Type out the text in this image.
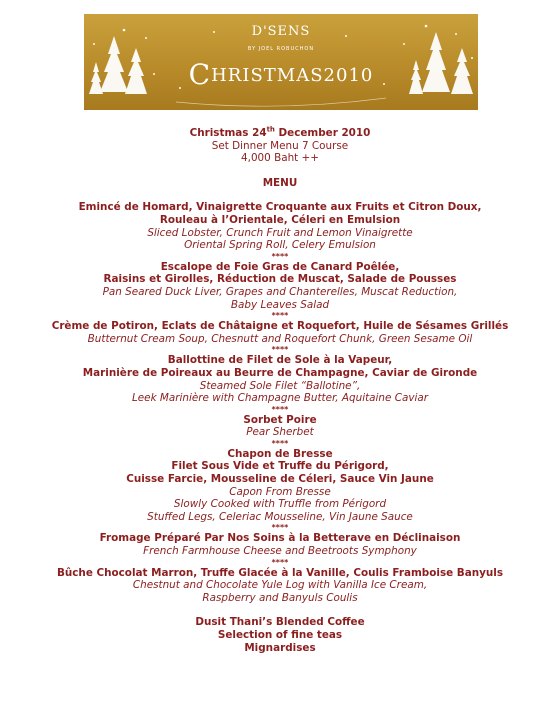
D'SENS
BY JOEL ROBUCHON
CHRISTMAS2010
Christmas 24th December 2010
Set Dinner Menu 7 Course
4,000 Baht ++
MENU
Emincé de Homard, Vinaigrette Croquante aux Fruits et Citron Doux,
Rouleau à l’Orientale, Céleri en Emulsion
Sliced Lobster, Crunch Fruit and Lemon Vinaigrette
Oriental Spring Roll, Celery Emulsion
****
Escalope de Foie Gras de Canard Poêlée,
Raisins et Girolles, Réduction de Muscat, Salade de Pousses
Pan Seared Duck Liver, Grapes and Chanterelles, Muscat Reduction,
Baby Leaves Salad
****
Crème de Potiron, Eclats de Châtaigne et Roquefort, Huile de Sésames Grillés
Butternut Cream Soup, Chesnutt and Roquefort Chunk, Green Sesame Oil
****
Ballottine de Filet de Sole à la Vapeur,
Marinière de Poireaux au Beurre de Champagne, Caviar de Gironde
Steamed Sole Filet “Ballotine”,
Leek Marinière with Champagne Butter, Aquitaine Caviar
****
Sorbet Poire
Pear Sherbet
****
Chapon de Bresse
Filet Sous Vide et Truffe du Périgord,
Cuisse Farcie, Mousseline de Céleri, Sauce Vin Jaune
Capon From Bresse
Slowly Cooked with Truffle from Périgord
Stuffed Legs, Celeriac Mousseline, Vin Jaune Sauce
****
Fromage Préparé Par Nos Soins à la Betterave en Déclinaison
French Farmhouse Cheese and Beetroots Symphony
****
Bûche Chocolat Marron, Truffe Glacée à la Vanille, Coulis Framboise Banyuls
Chestnut and Chocolate Yule Log with Vanilla Ice Cream,
Raspberry and Banyuls Coulis
Dusit Thani’s Blended Coffee
Selection of fine teas
Mignardises
